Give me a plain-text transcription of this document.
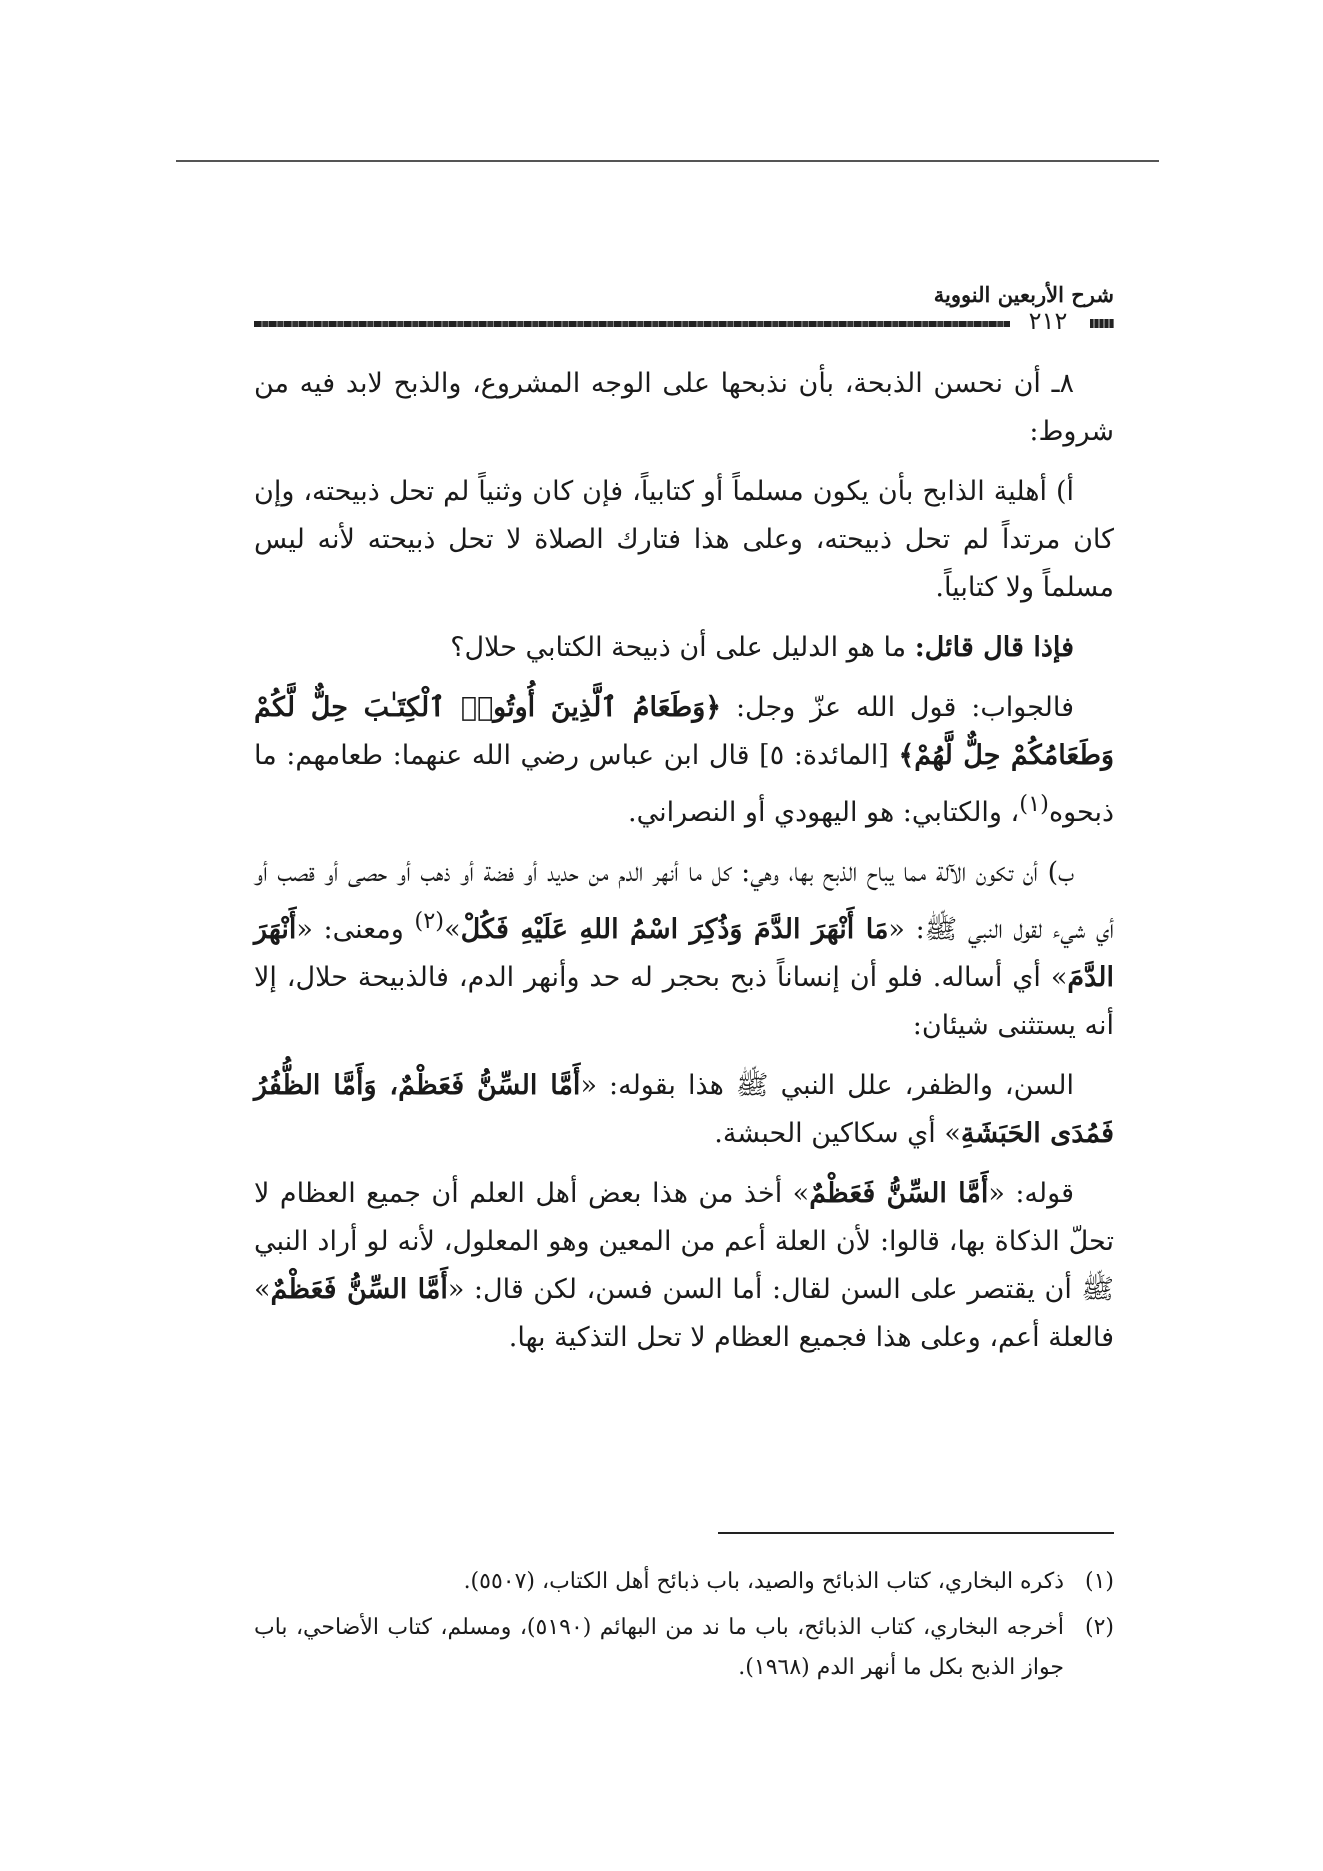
شرح الأربعين النووية
٢١٢

٨ـ أن نحسن الذبحة، بأن نذبحها على الوجه المشروع، والذبح لابد فيه من شروط:

أ) أهلية الذابح بأن يكون مسلماً أو كتابياً، فإن كان وثنياً لم تحل ذبيحته، وإن كان مرتداً لم تحل ذبيحته، وعلى هذا فتارك الصلاة لا تحل ذبيحته لأنه ليس مسلماً ولا كتابياً.

فإذا قال قائل: ما هو الدليل على أن ذبيحة الكتابي حلال؟

فالجواب: قول الله عزّ وجل: ﴿وَطَعَامُ ٱلَّذِينَ أُوتُوا۟ ٱلْكِتَـٰبَ حِلٌّ لَّكُمْ وَطَعَامُكُمْ حِلٌّ لَّهُمْ﴾ [المائدة: ٥] قال ابن عباس رضي الله عنهما: طعامهم: ما ذبحوه$^{(١)}$، والكتابي: هو اليهودي أو النصراني.

ب) أن تكون الآلة مما يباح الذبح بها، وهي: كل ما أنهر الدم من حديد أو فضة أو ذهب أو حصى أو قصب أو أي شيء لقول النبي ﷺ: «مَا أَنْهَرَ الدَّمَ وَذُكِرَ اسْمُ اللهِ عَلَيْهِ فَكُلْ»$^{(٢)}$ ومعنى: «أَنْهَرَ الدَّمَ» أي أساله. فلو أن إنساناً ذبح بحجر له حد وأنهر الدم، فالذبيحة حلال، إلا أنه يستثنى شيئان:

السن، والظفر، علل النبي ﷺ هذا بقوله: «أَمَّا السِّنُّ فَعَظْمٌ، وَأَمَّا الظُّفُرُ فَمُدَى الحَبَشَةِ» أي سكاكين الحبشة.

قوله: «أَمَّا السِّنُّ فَعَظْمٌ» أخذ من هذا بعض أهل العلم أن جميع العظام لا تحلّ الذكاة بها، قالوا: لأن العلة أعم من المعين وهو المعلول، لأنه لو أراد النبي ﷺ أن يقتصر على السن لقال: أما السن فسن، لكن قال: «أَمَّا السِّنُّ فَعَظْمٌ» فالعلة أعم، وعلى هذا فجميع العظام لا تحل التذكية بها.

(١)
ذكره البخاري، كتاب الذبائح والصيد، باب ذبائح أهل الكتاب، (٥٥٠٧).
(٢)
أخرجه البخاري، كتاب الذبائح، باب ما ند من البهائم (٥١٩٠)، ومسلم، كتاب الأضاحي، باب جواز الذبح بكل ما أنهر الدم (١٩٦٨).
